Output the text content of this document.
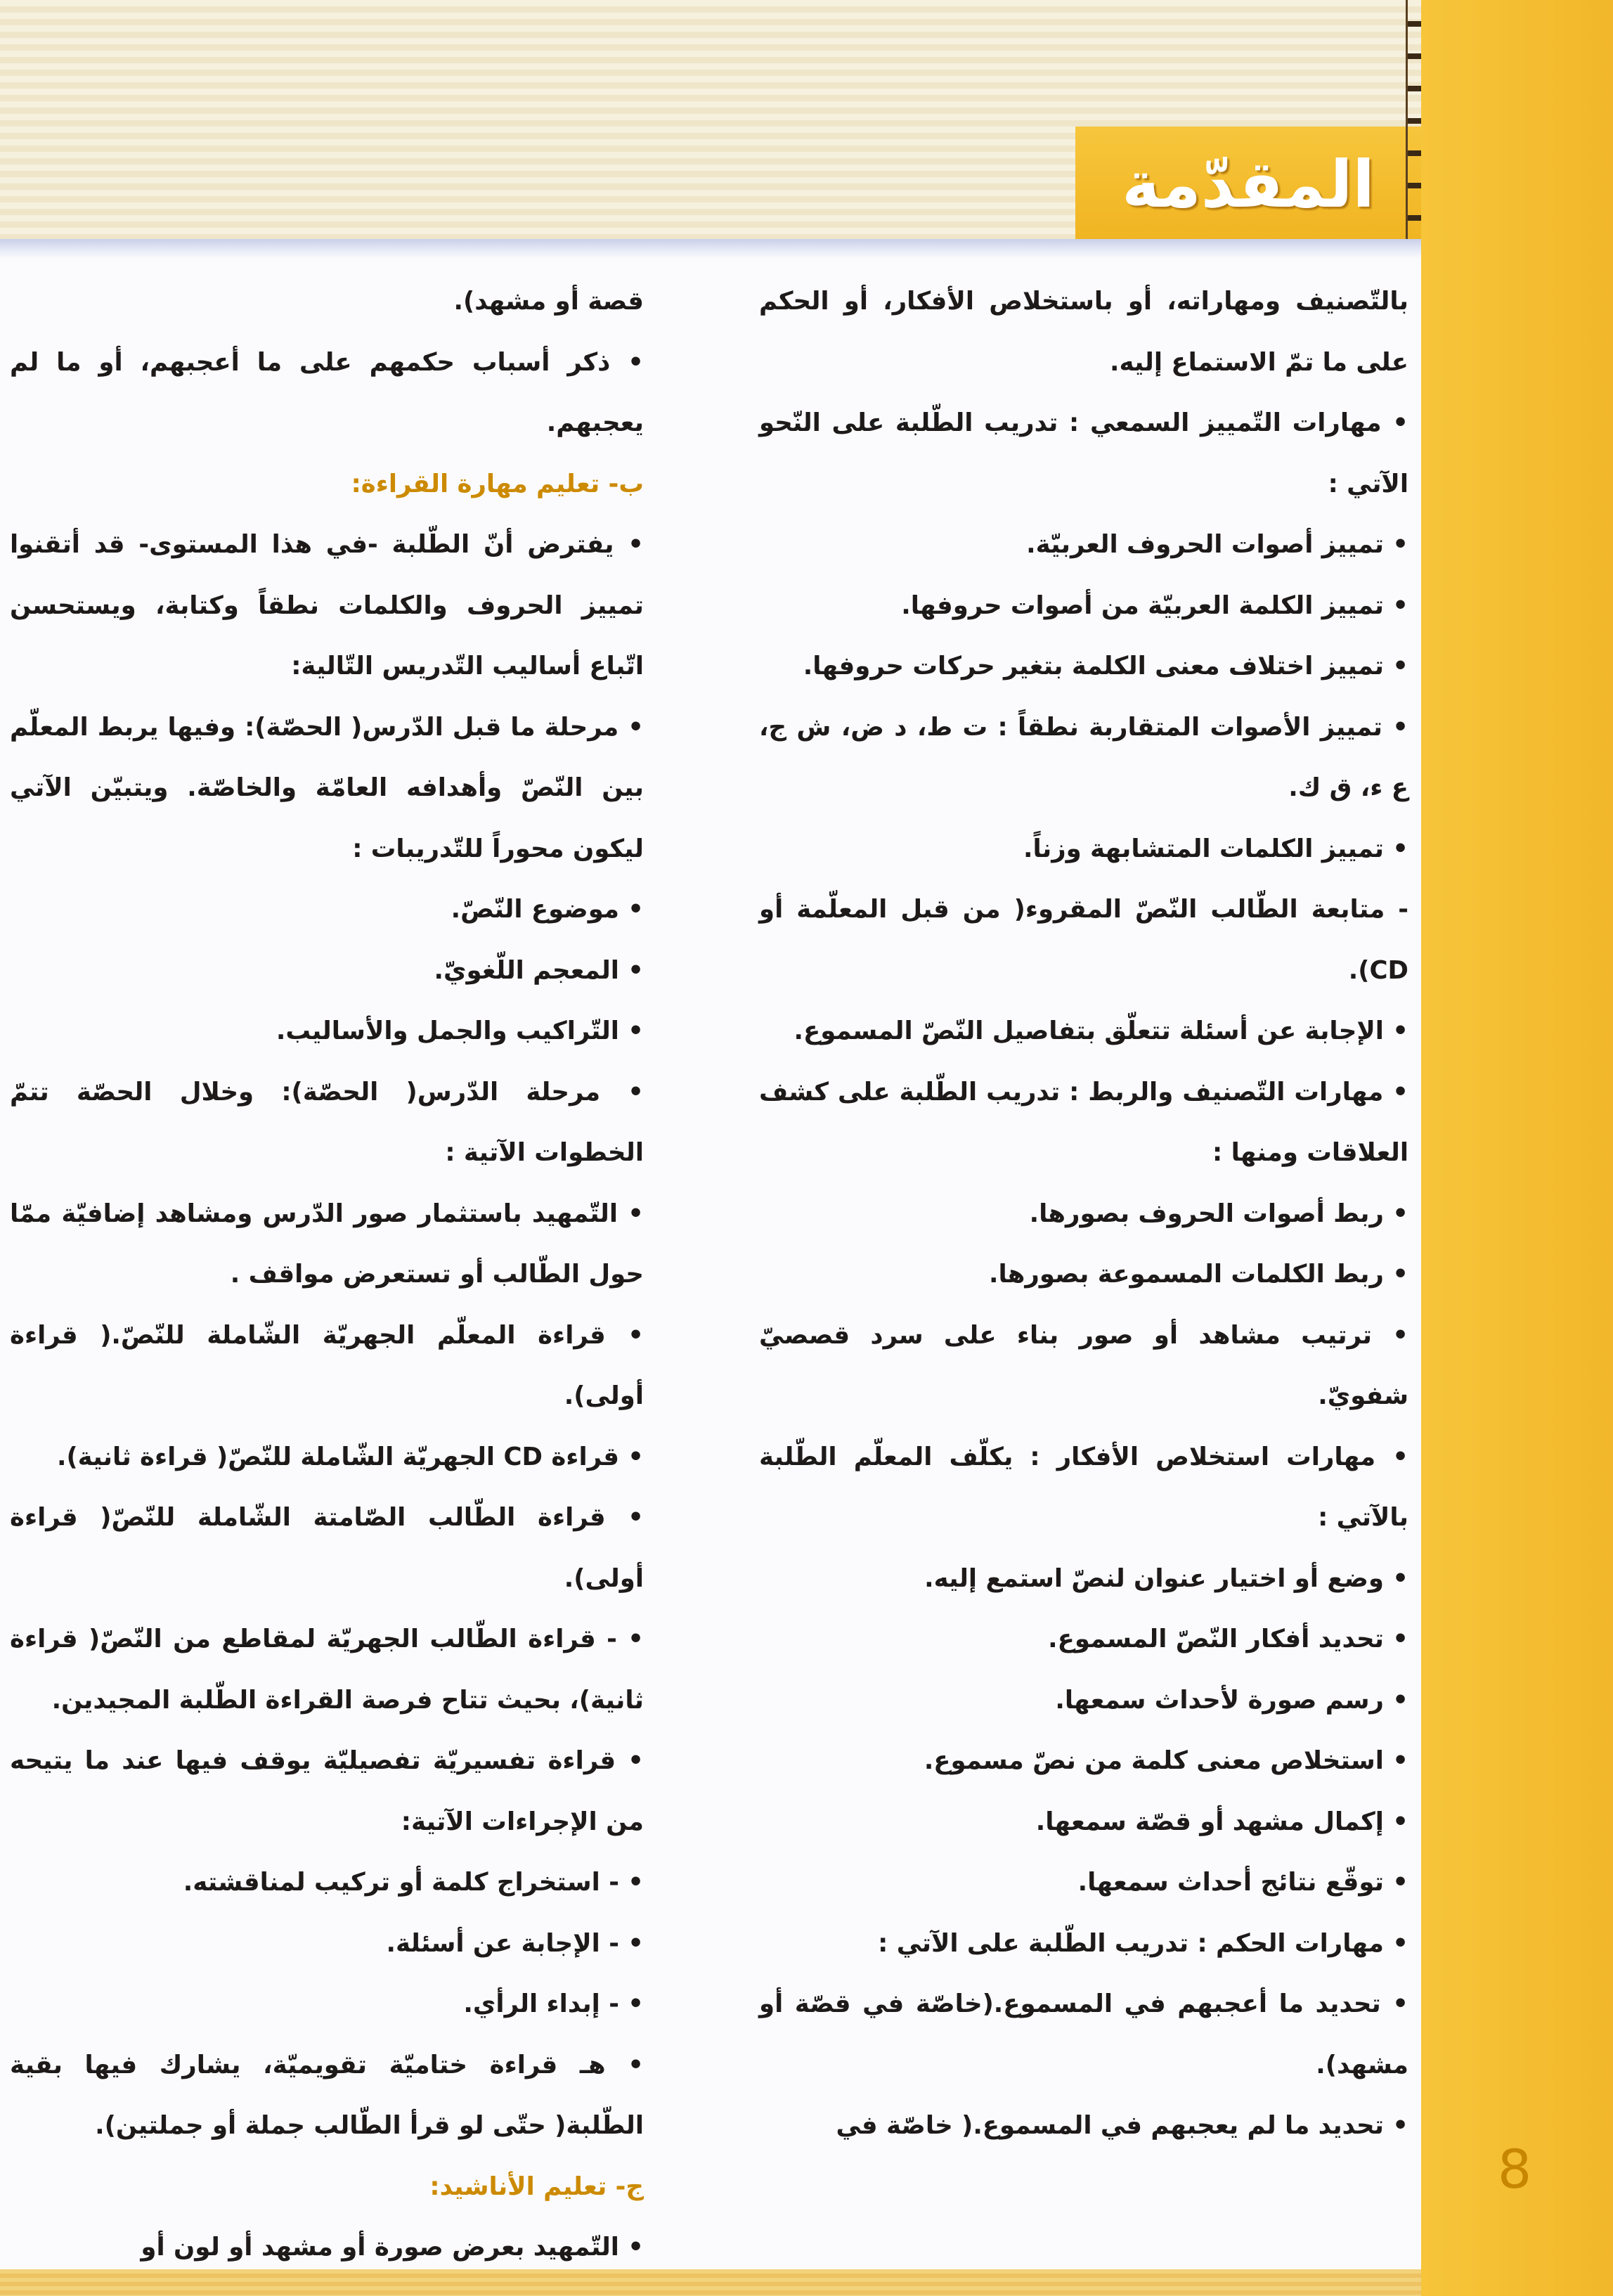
المقدّمة

بالتّصنيف ومهاراته، أو باستخلاص الأفكار، أو الحكم على ما تمّ الاستماع إليه.

• مهارات التّمييز السمعي : تدريب الطّلبة على النّحو الآتي :

• تمييز أصوات الحروف العربيّة.

• تمييز الكلمة العربيّة من أصوات حروفها.

• تمييز اختلاف معنى الكلمة بتغير حركات حروفها.

• تمييز الأصوات المتقاربة نطقاً : ت ط، د ض، ش ج، ع ء، ق ك.

• تمييز الكلمات المتشابهة وزناً.

- متابعة الطّالب النّصّ المقروء( من قبل المعلّمة أو CD).

• الإجابة عن أسئلة تتعلّق بتفاصيل النّصّ المسموع.

• مهارات التّصنيف والربط : تدريب الطّلبة على كشف العلاقات ومنها :

• ربط أصوات الحروف بصورها.

• ربط الكلمات المسموعة بصورها.

• ترتيب مشاهد أو صور بناء على سرد قصصيّ شفويّ.

• مهارات استخلاص الأفكار : يكلّف المعلّم الطّلبة بالآتي :

• وضع أو اختيار عنوان لنصّ استمع إليه.

• تحديد أفكار النّصّ المسموع.

• رسم صورة لأحداث سمعها.

• استخلاص معنى كلمة من نصّ مسموع.

• إكمال مشهد أو قصّة سمعها.

• توقّع نتائج أحداث سمعها.

• مهارات الحكم : تدريب الطّلبة على الآتي :

• تحديد ما أعجبهم في المسموع.(خاصّة في قصّة أو مشهد).

• تحديد ما لم يعجبهم في المسموع.( خاصّة في

قصة أو مشهد).

• ذكر أسباب حكمهم على ما أعجبهم، أو ما لم يعجبهم.

ب- تعليم مهارة القراءة:

• يفترض أنّ الطّلبة -في هذا المستوى- قد أتقنوا تمييز الحروف والكلمات نطقاً وكتابة، ويستحسن اتّباع أساليب التّدريس التّالية:

• مرحلة ما قبل الدّرس( الحصّة): وفيها يربط المعلّم بين النّصّ وأهدافه العامّة والخاصّة. ويتبيّن الآتي ليكون محوراً للتّدريبات :

• موضوع النّصّ.

• المعجم اللّغويّ.

• التّراكيب والجمل والأساليب.

• مرحلة الدّرس( الحصّة): وخلال الحصّة تتمّ الخطوات الآتية :

• التّمهيد باستثمار صور الدّرس ومشاهد إضافيّة ممّا حول الطّالب أو تستعرض مواقف .

• قراءة المعلّم الجهريّة الشّاملة للنّصّ.( قراءة أولى).

• قراءة CD الجهريّة الشّاملة للنّصّ( قراءة ثانية).

• قراءة الطّالب الصّامتة الشّاملة للنّصّ( قراءة أولى).

• - قراءة الطّالب الجهريّة لمقاطع من النّصّ( قراءة ثانية)، بحيث تتاح فرصة القراءة الطّلبة المجيدين.

• قراءة تفسيريّة تفصيليّة يوقف فيها عند ما يتيحه من الإجراءات الآتية:

• - استخراج كلمة أو تركيب لمناقشته.

• - الإجابة عن أسئلة.

• - إبداء الرأي.

• هـ قراءة ختاميّة تقويميّة، يشارك فيها بقية الطّلبة( حتّى لو قرأ الطّالب جملة أو جملتين).

ج- تعليم الأناشيد:

• التّمهيد بعرض صورة أو مشهد أو لون أو

8
